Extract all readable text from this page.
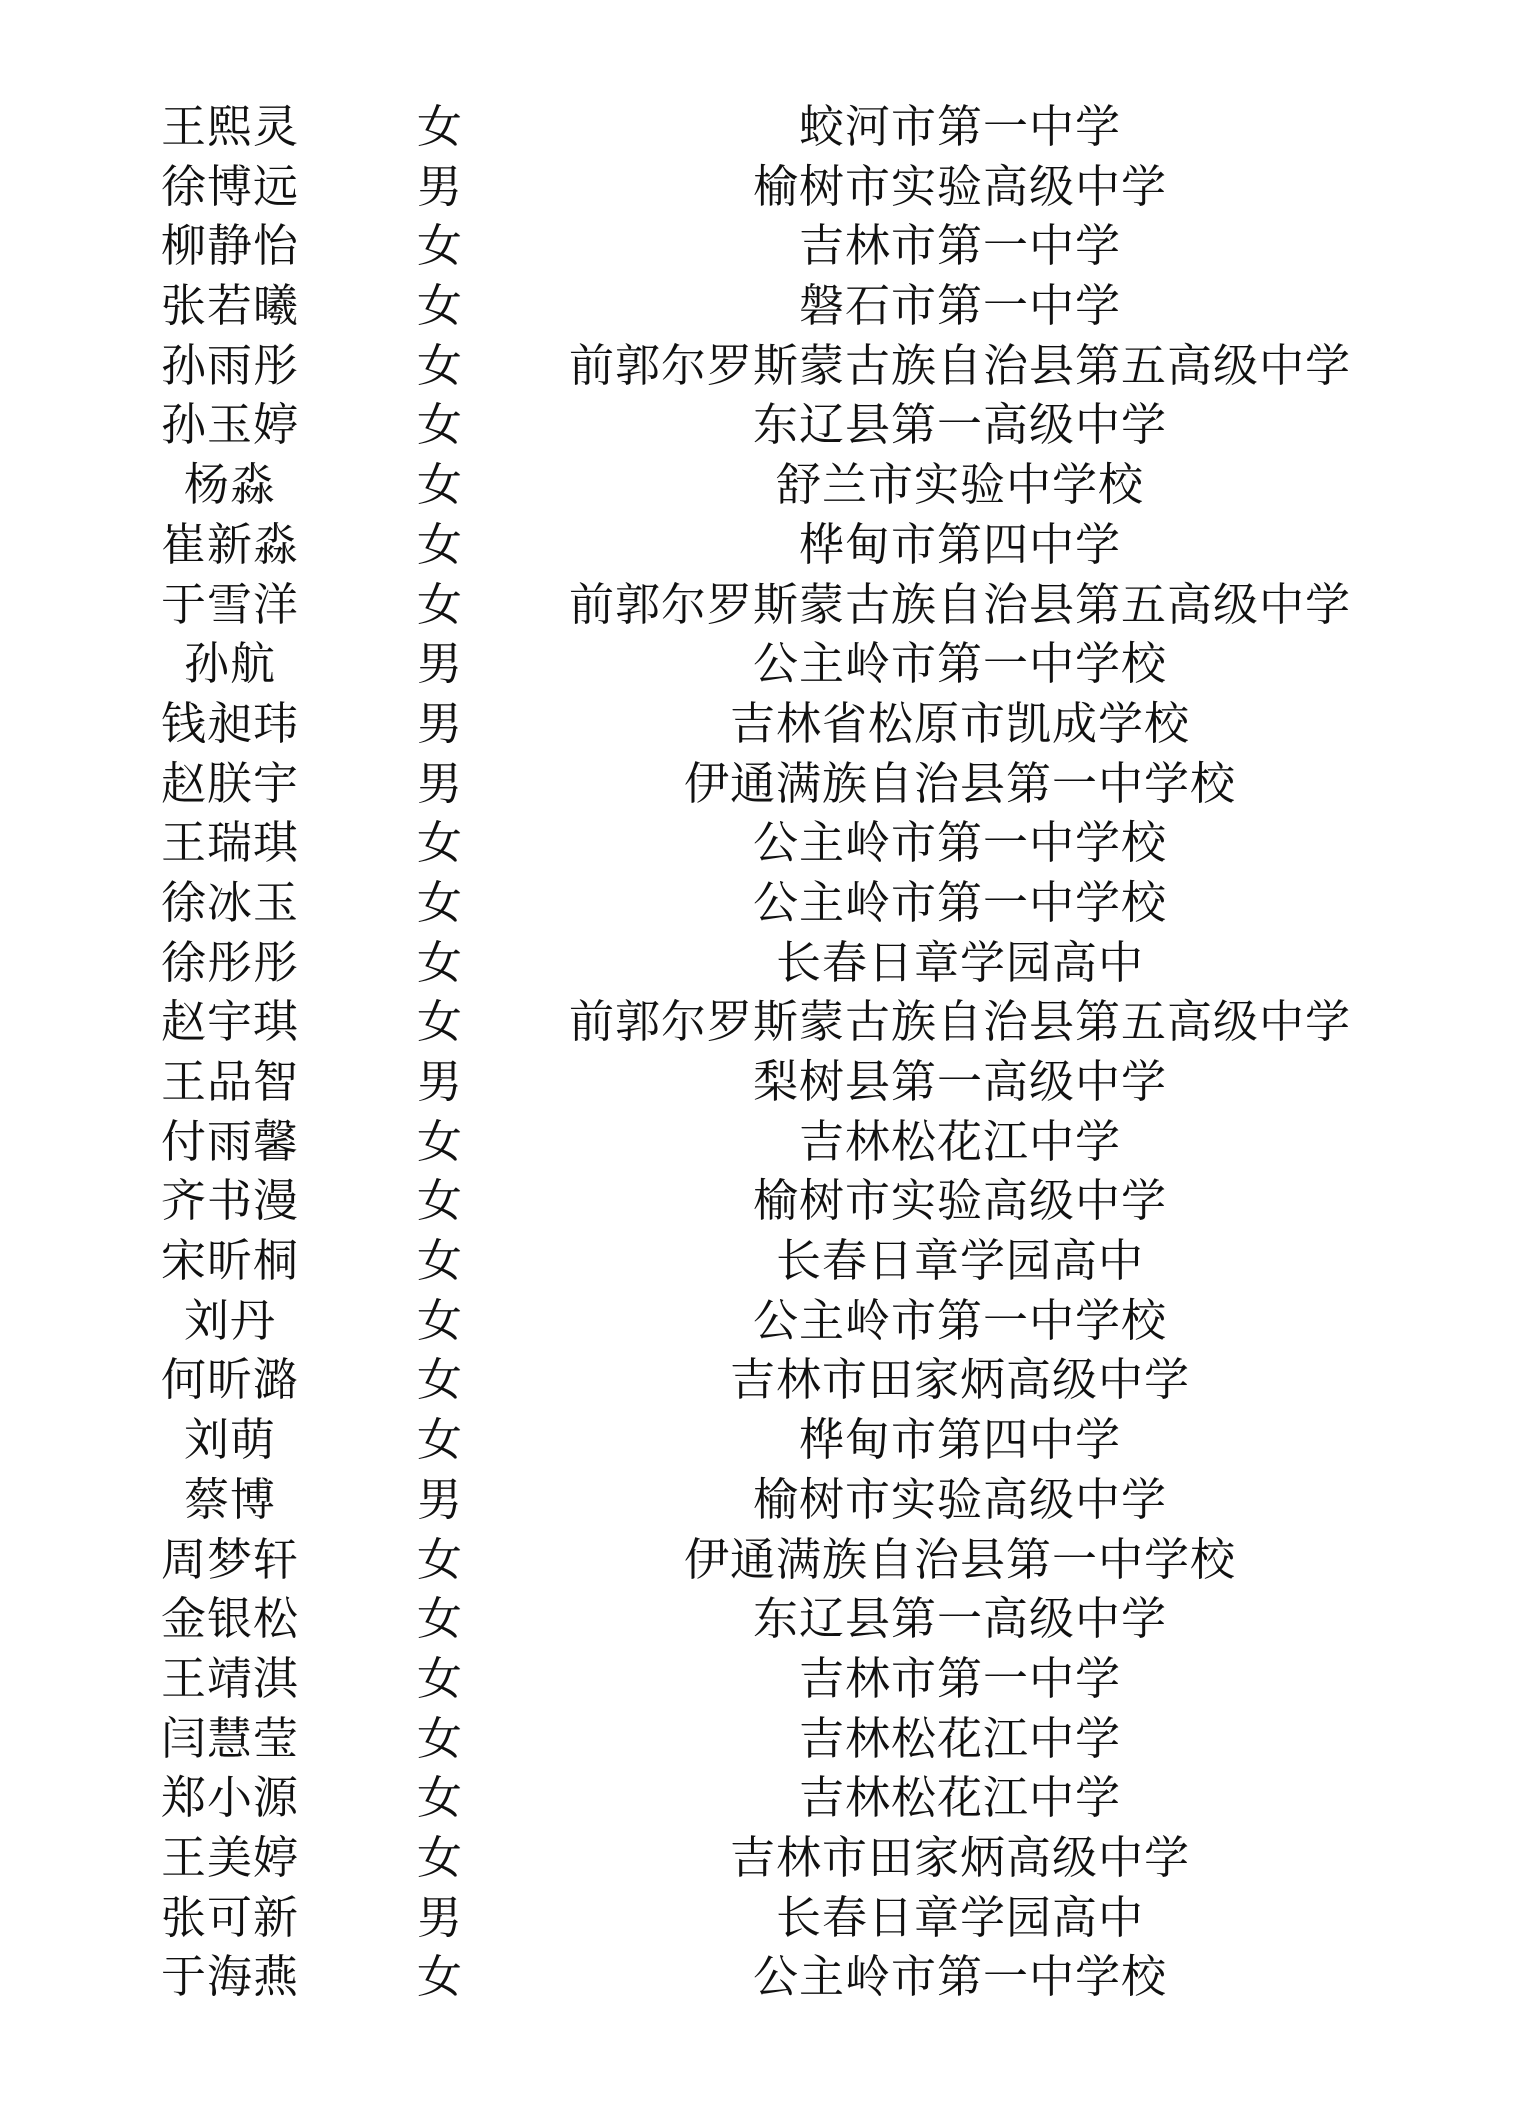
王熙灵	女	蛟河市第一中学
徐博远	男	榆树市实验高级中学
柳静怡	女	吉林市第一中学
张若曦	女	磐石市第一中学
孙雨彤	女	前郭尔罗斯蒙古族自治县第五高级中学
孙玉婷	女	东辽县第一高级中学
杨淼	女	舒兰市实验中学校
崔新淼	女	桦甸市第四中学
于雪洋	女	前郭尔罗斯蒙古族自治县第五高级中学
孙航	男	公主岭市第一中学校
钱昶玮	男	吉林省松原市凯成学校
赵朕宇	男	伊通满族自治县第一中学校
王瑞琪	女	公主岭市第一中学校
徐冰玉	女	公主岭市第一中学校
徐彤彤	女	长春日章学园高中
赵宇琪	女	前郭尔罗斯蒙古族自治县第五高级中学
王品智	男	梨树县第一高级中学
付雨馨	女	吉林松花江中学
齐书漫	女	榆树市实验高级中学
宋昕桐	女	长春日章学园高中
刘丹	女	公主岭市第一中学校
何昕潞	女	吉林市田家炳高级中学
刘萌	女	桦甸市第四中学
蔡博	男	榆树市实验高级中学
周梦轩	女	伊通满族自治县第一中学校
金银松	女	东辽县第一高级中学
王靖淇	女	吉林市第一中学
闫慧莹	女	吉林松花江中学
郑小源	女	吉林松花江中学
王美婷	女	吉林市田家炳高级中学
张可新	男	长春日章学园高中
于海燕	女	公主岭市第一中学校
